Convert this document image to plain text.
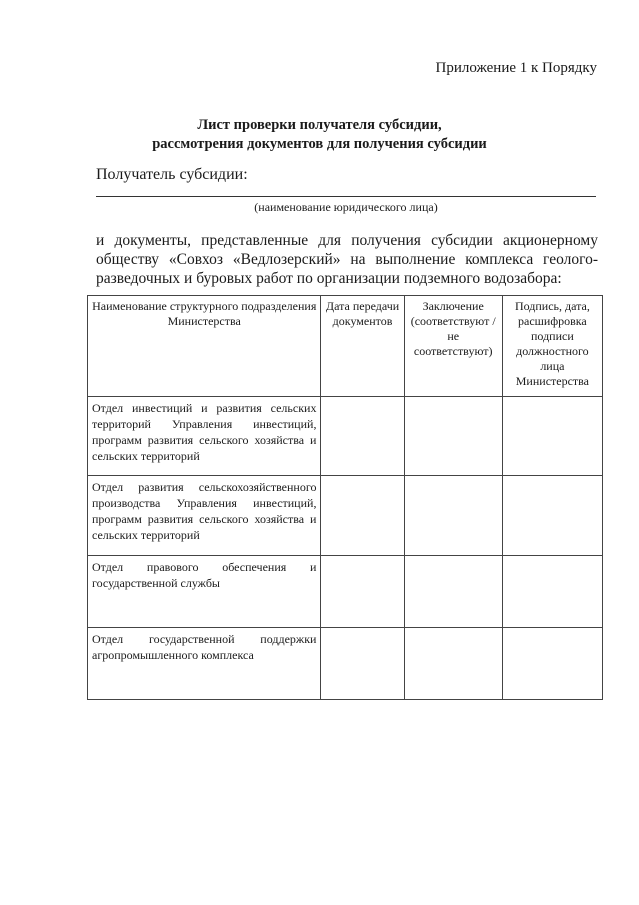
Приложение 1 к Порядку
Лист проверки получателя субсидии,
рассмотрения документов для получения субсидии
Получатель субсидии:
(наименование юридического лица)
и документы, представленные для получения субсидии акционерному обществу «Совхоз «Ведлозерский» на выполнение комплекса геолого-разведочных и буровых работ по организации подземного водозабора:
Наименование структурного подразделения Министерства	Дата передачи документов	Заключение (соответствуют / не соответствуют)	Подпись, дата, расшифровка подписи должностного лица Министерства
Отдел инвестиций и развития сельских территорий Управления инвестиций, программ развития сельского хозяйства и сельских территорий			
Отдел развития сельскохозяйственного производства Управления инвестиций, программ развития сельского хозяйства и сельских территорий			
Отдел правового обеспечения и государственной службы			
Отдел государственной поддержки агропромышленного комплекса			
